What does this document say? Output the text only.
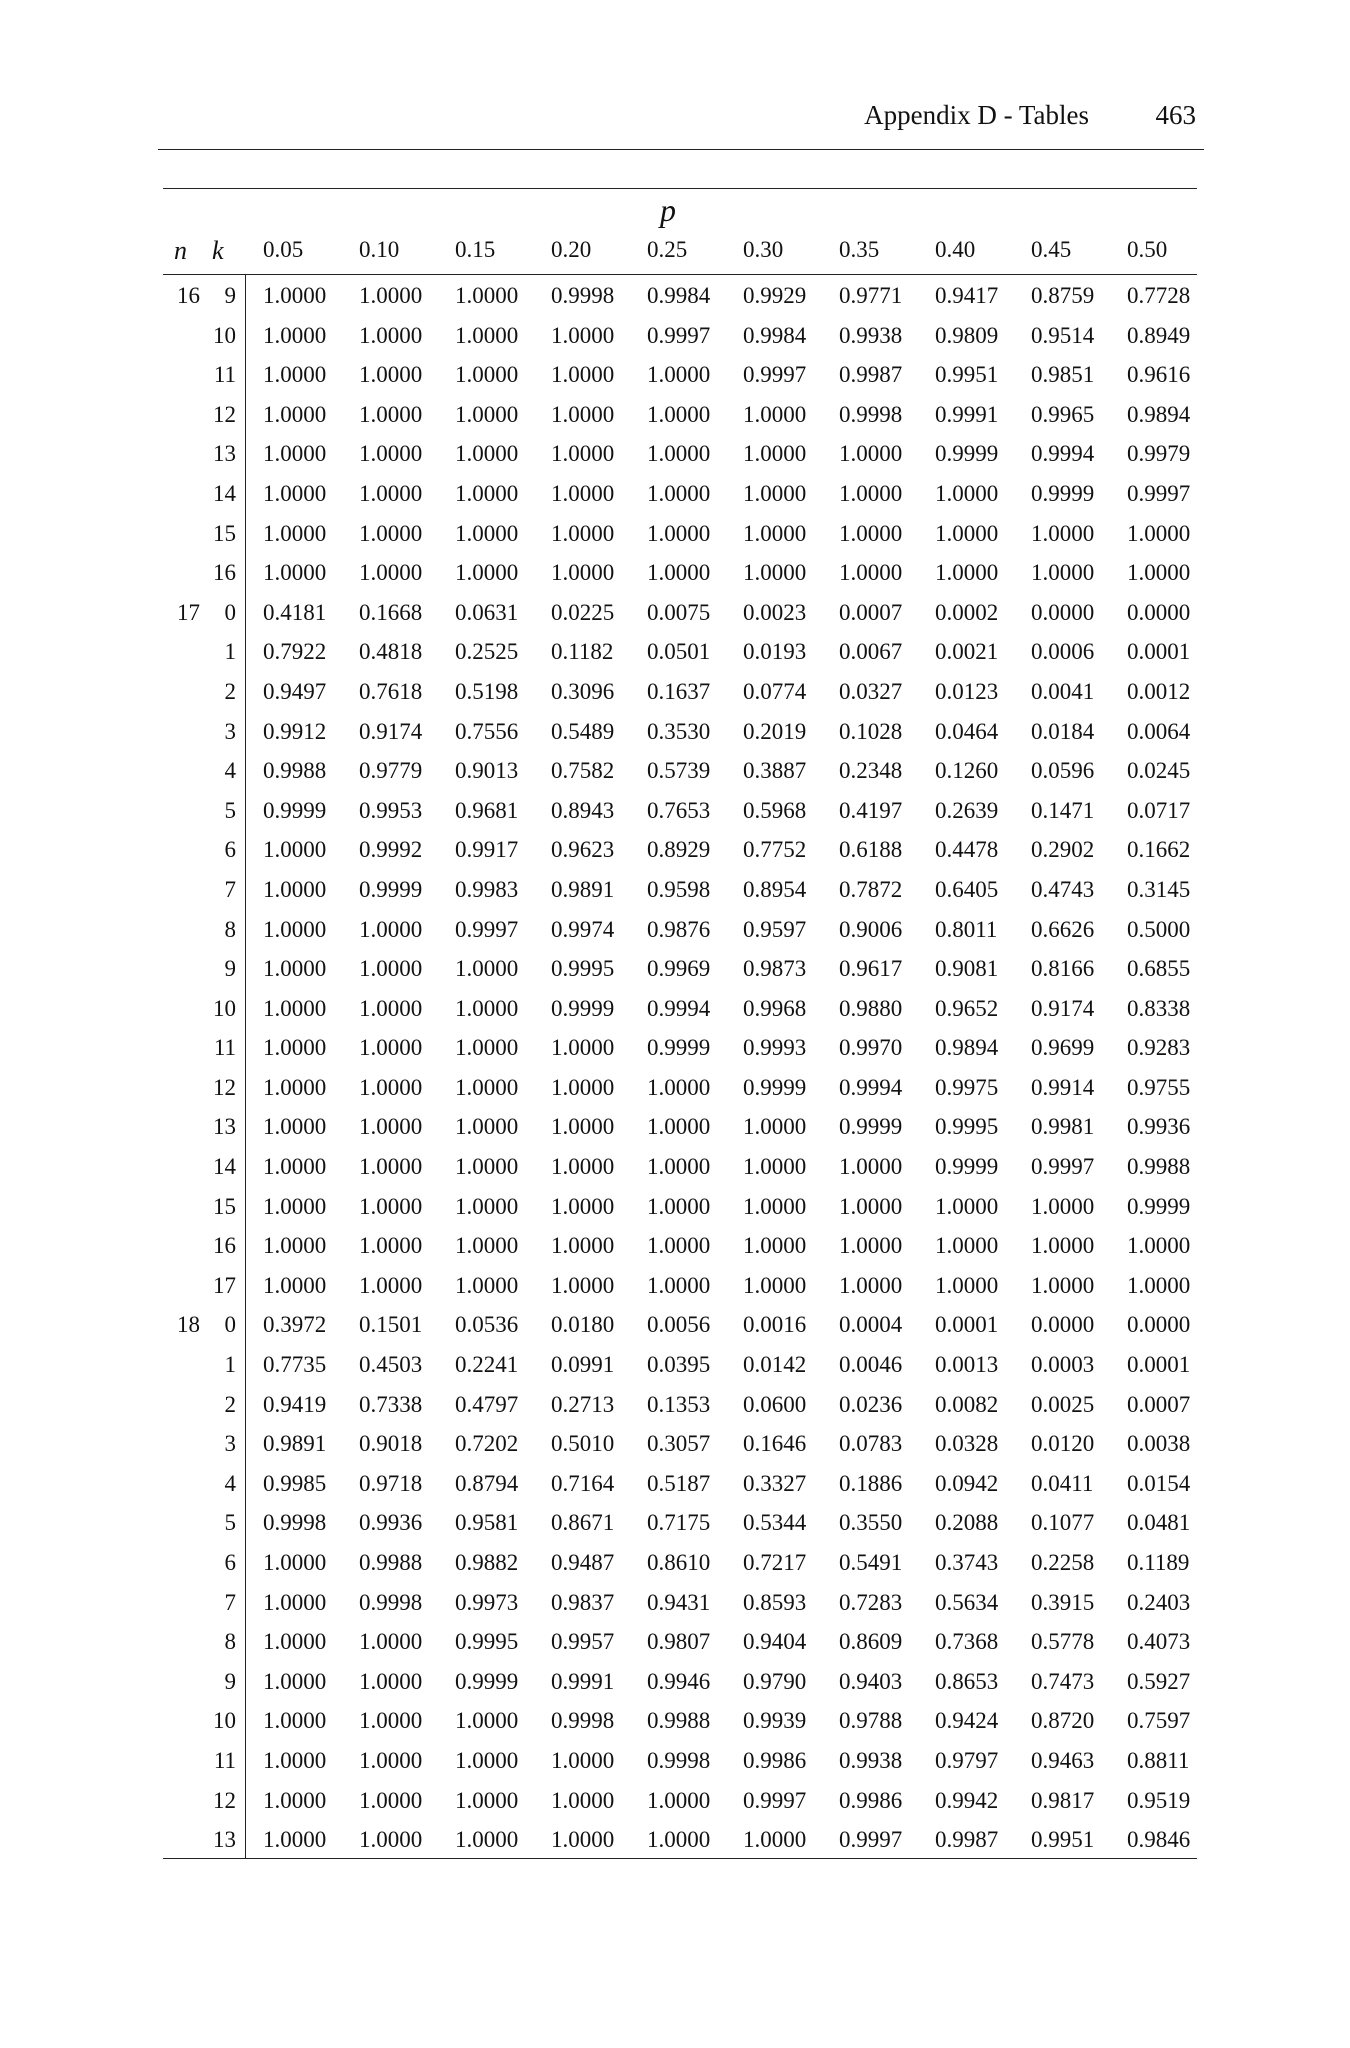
Appendix D - Tables 463
p
n k 0.05 0.10 0.15 0.20 0.25 0.30 0.35 0.40 0.45 0.50
16	9 1.0000	1.0000	1.0000	0.9998	0.9984	0.9929	0.9771	0.9417	0.8759	0.7728
10 1.0000	1.0000	1.0000	1.0000	0.9997	0.9984	0.9938	0.9809	0.9514	0.8949
11 1.0000	1.0000	1.0000	1.0000	1.0000	0.9997	0.9987	0.9951	0.9851	0.9616
12 1.0000	1.0000	1.0000	1.0000	1.0000	1.0000	0.9998	0.9991	0.9965	0.9894
13 1.0000	1.0000	1.0000	1.0000	1.0000	1.0000	1.0000	0.9999	0.9994	0.9979
14 1.0000	1.0000	1.0000	1.0000	1.0000	1.0000	1.0000	1.0000	0.9999	0.9997
15 1.0000	1.0000	1.0000	1.0000	1.0000	1.0000	1.0000	1.0000	1.0000	1.0000
16 1.0000	1.0000	1.0000	1.0000	1.0000	1.0000	1.0000	1.0000	1.0000	1.0000
17	0 0.4181	0.1668	0.0631	0.0225	0.0075	0.0023	0.0007	0.0002	0.0000	0.0000
1 0.7922	0.4818	0.2525	0.1182	0.0501	0.0193	0.0067	0.0021	0.0006	0.0001
2 0.9497	0.7618	0.5198	0.3096	0.1637	0.0774	0.0327	0.0123	0.0041	0.0012
3 0.9912	0.9174	0.7556	0.5489	0.3530	0.2019	0.1028	0.0464	0.0184	0.0064
4 0.9988	0.9779	0.9013	0.7582	0.5739	0.3887	0.2348	0.1260	0.0596	0.0245
5 0.9999	0.9953	0.9681	0.8943	0.7653	0.5968	0.4197	0.2639	0.1471	0.0717
6 1.0000	0.9992	0.9917	0.9623	0.8929	0.7752	0.6188	0.4478	0.2902	0.1662
7 1.0000	0.9999	0.9983	0.9891	0.9598	0.8954	0.7872	0.6405	0.4743	0.3145
8 1.0000	1.0000	0.9997	0.9974	0.9876	0.9597	0.9006	0.8011	0.6626	0.5000
9 1.0000	1.0000	1.0000	0.9995	0.9969	0.9873	0.9617	0.9081	0.8166	0.6855
10 1.0000	1.0000	1.0000	0.9999	0.9994	0.9968	0.9880	0.9652	0.9174	0.8338
11 1.0000	1.0000	1.0000	1.0000	0.9999	0.9993	0.9970	0.9894	0.9699	0.9283
12 1.0000	1.0000	1.0000	1.0000	1.0000	0.9999	0.9994	0.9975	0.9914	0.9755
13 1.0000	1.0000	1.0000	1.0000	1.0000	1.0000	0.9999	0.9995	0.9981	0.9936
14 1.0000	1.0000	1.0000	1.0000	1.0000	1.0000	1.0000	0.9999	0.9997	0.9988
15 1.0000	1.0000	1.0000	1.0000	1.0000	1.0000	1.0000	1.0000	1.0000	0.9999
16 1.0000	1.0000	1.0000	1.0000	1.0000	1.0000	1.0000	1.0000	1.0000	1.0000
17 1.0000	1.0000	1.0000	1.0000	1.0000	1.0000	1.0000	1.0000	1.0000	1.0000
18	0 0.3972	0.1501	0.0536	0.0180	0.0056	0.0016	0.0004	0.0001	0.0000	0.0000
1 0.7735	0.4503	0.2241	0.0991	0.0395	0.0142	0.0046	0.0013	0.0003	0.0001
2 0.9419	0.7338	0.4797	0.2713	0.1353	0.0600	0.0236	0.0082	0.0025	0.0007
3 0.9891	0.9018	0.7202	0.5010	0.3057	0.1646	0.0783	0.0328	0.0120	0.0038
4 0.9985	0.9718	0.8794	0.7164	0.5187	0.3327	0.1886	0.0942	0.0411	0.0154
5 0.9998	0.9936	0.9581	0.8671	0.7175	0.5344	0.3550	0.2088	0.1077	0.0481
6 1.0000	0.9988	0.9882	0.9487	0.8610	0.7217	0.5491	0.3743	0.2258	0.1189
7 1.0000	0.9998	0.9973	0.9837	0.9431	0.8593	0.7283	0.5634	0.3915	0.2403
8 1.0000	1.0000	0.9995	0.9957	0.9807	0.9404	0.8609	0.7368	0.5778	0.4073
9 1.0000	1.0000	0.9999	0.9991	0.9946	0.9790	0.9403	0.8653	0.7473	0.5927
10 1.0000	1.0000	1.0000	0.9998	0.9988	0.9939	0.9788	0.9424	0.8720	0.7597
11 1.0000	1.0000	1.0000	1.0000	0.9998	0.9986	0.9938	0.9797	0.9463	0.8811
12 1.0000	1.0000	1.0000	1.0000	1.0000	0.9997	0.9986	0.9942	0.9817	0.9519
13 1.0000	1.0000	1.0000	1.0000	1.0000	1.0000	0.9997	0.9987	0.9951	0.9846
